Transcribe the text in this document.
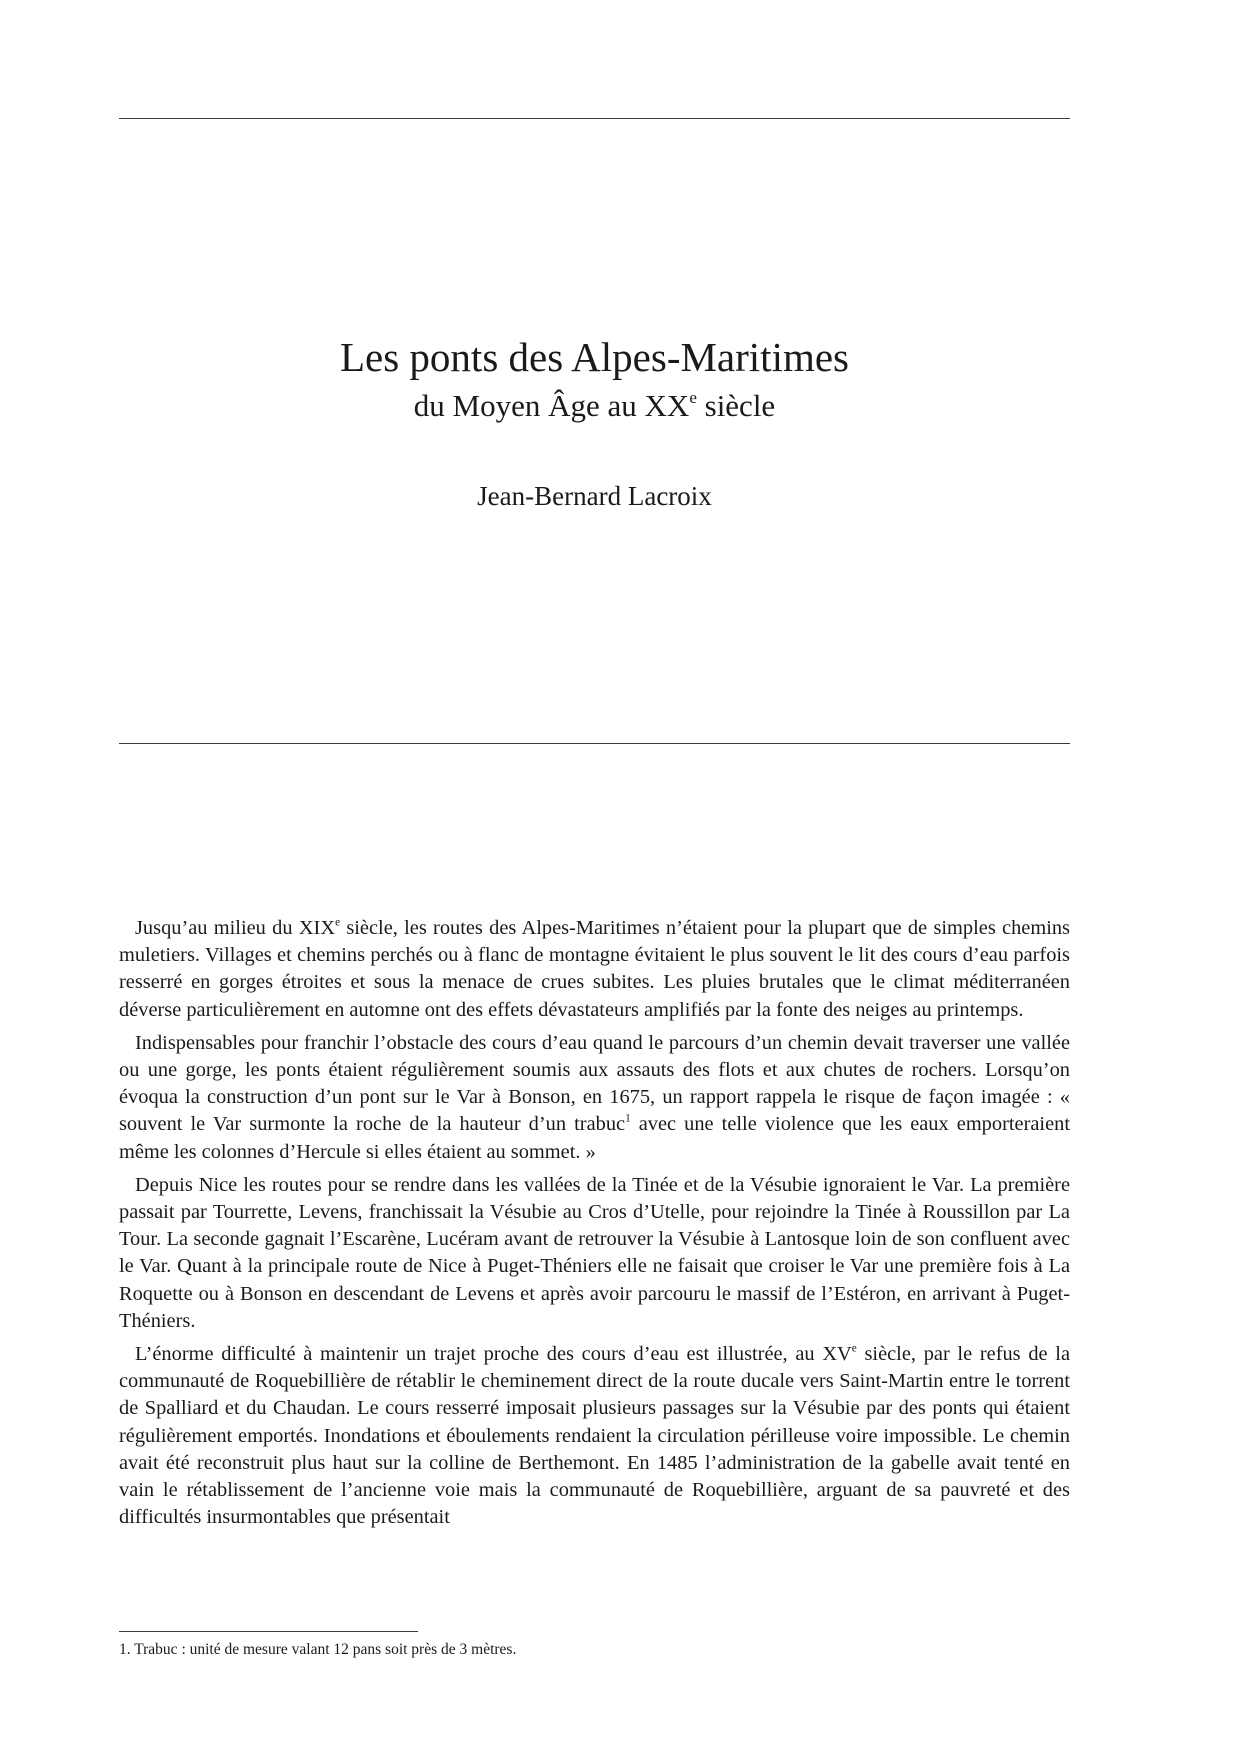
Les ponts des Alpes-Maritimes
du Moyen Âge au XXe siècle
Jean-Bernard Lacroix

Jusqu’au milieu du XIXe siècle, les routes des Alpes-Maritimes n’étaient pour la plupart que de simples chemins muletiers. Villages et chemins perchés ou à flanc de montagne évitaient le plus souvent le lit des cours d’eau parfois resserré en gorges étroites et sous la menace de crues subites. Les pluies brutales que le climat méditerranéen déverse particulièrement en automne ont des effets dévastateurs amplifiés par la fonte des neiges au printemps.

Indispensables pour franchir l’obstacle des cours d’eau quand le parcours d’un chemin devait traverser une vallée ou une gorge, les ponts étaient régulièrement soumis aux assauts des flots et aux chutes de rochers. Lorsqu’on évoqua la construction d’un pont sur le Var à Bonson, en 1675, un rapport rappela le risque de façon imagée : « souvent le Var surmonte la roche de la hauteur d’un trabuc$^1$ avec une telle violence que les eaux emporteraient même les colonnes d’Hercule si elles étaient au sommet. »

Depuis Nice les routes pour se rendre dans les vallées de la Tinée et de la Vésubie ignoraient le Var. La première passait par Tourrette, Levens, franchissait la Vésubie au Cros d’Utelle, pour rejoindre la Tinée à Roussillon par La Tour. La seconde gagnait l’Escarène, Lucéram avant de retrouver la Vésubie à Lantosque loin de son confluent avec le Var. Quant à la principale route de Nice à Puget-Théniers elle ne faisait que croiser le Var une première fois à La Roquette ou à Bonson en descendant de Levens et après avoir parcouru le massif de l’Estéron, en arrivant à Puget-Théniers.

L’énorme difficulté à maintenir un trajet proche des cours d’eau est illustrée, au XVe siècle, par le refus de la communauté de Roquebillière de rétablir le cheminement direct de la route ducale vers Saint-Martin entre le torrent de Spalliard et du Chaudan. Le cours resserré imposait plusieurs passages sur la Vésubie par des ponts qui étaient régulièrement emportés. Inondations et éboulements rendaient la circulation périlleuse voire impossible. Le chemin avait été reconstruit plus haut sur la colline de Berthemont. En 1485 l’administration de la gabelle avait tenté en vain le rétablissement de l’ancienne voie mais la communauté de Roquebillière, arguant de sa pauvreté et des difficultés insurmontables que présentait

1. Trabuc : unité de mesure valant 12 pans soit près de 3 mètres.
